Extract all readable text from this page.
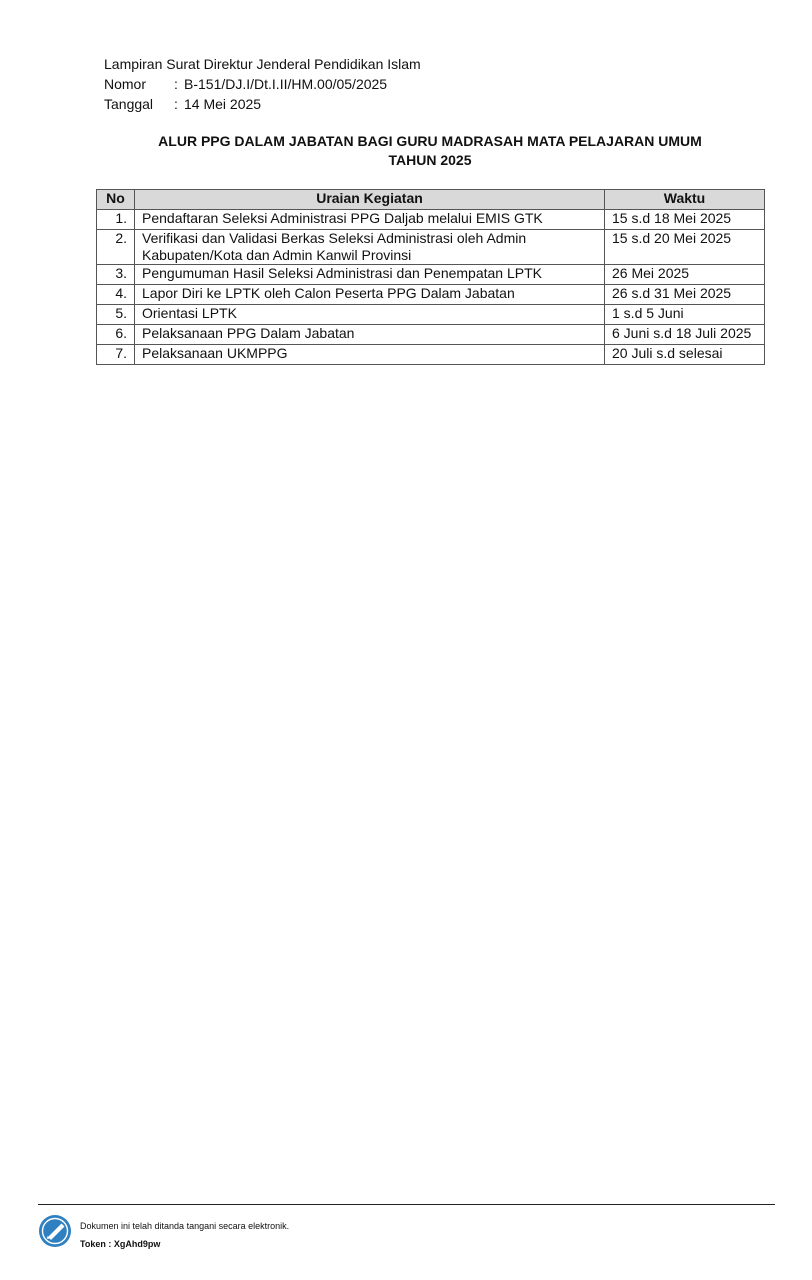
Lampiran Surat Direktur Jenderal Pendidikan Islam
Nomor	: B-151/DJ.I/Dt.I.II/HM.00/05/2025
Tanggal	: 14 Mei 2025
ALUR PPG DALAM JABATAN BAGI GURU MADRASAH MATA PELAJARAN UMUM
TAHUN 2025
No	Uraian Kegiatan	Waktu
1.	Pendaftaran Seleksi Administrasi PPG Daljab melalui EMIS GTK	15 s.d 18 Mei 2025
2.	Verifikasi dan Validasi Berkas Seleksi Administrasi oleh Admin Kabupaten/Kota dan Admin Kanwil Provinsi	15 s.d 20 Mei 2025
3.	Pengumuman Hasil Seleksi Administrasi dan Penempatan LPTK	26 Mei 2025
4.	Lapor Diri ke LPTK oleh Calon Peserta PPG Dalam Jabatan	26 s.d 31 Mei 2025
5.	Orientasi LPTK	1 s.d 5 Juni
6.	Pelaksanaan PPG Dalam Jabatan	6 Juni s.d 18 Juli 2025
7.	Pelaksanaan UKMPPG	20 Juli s.d selesai
Dokumen ini telah ditanda tangani secara elektronik.
Token : XgAhd9pw
